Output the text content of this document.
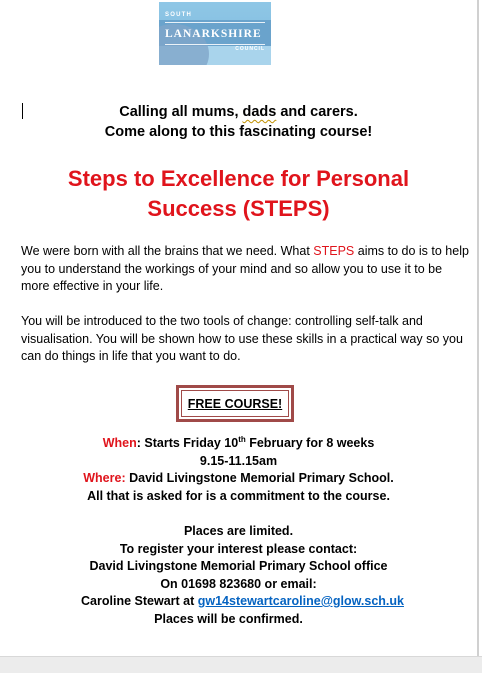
SOUTH
LANARKSHIRE
COUNCIL
Calling all mums, dads and carers.
Come along to this fascinating course!
Steps to Excellence for Personal
Success (STEPS)
We were born with all the brains that we need. What STEPS aims to do is to help you to understand the workings of your mind and so allow you to use it to be more effective in your life.
You will be introduced to the two tools of change: controlling self-talk and visualisation. You will be shown how to use these skills in a practical way so you can do things in life that you want to do.
FREE COURSE!
When: Starts Friday 10th February for 8 weeks
9.15-11.15am
Where: David Livingstone Memorial Primary School.
All that is asked for is a commitment to the course.
Places are limited.
To register your interest please contact:
David Livingstone Memorial Primary School office
On 01698 823680 or email:
Caroline Stewart at gw14stewartcaroline@glow.sch.uk
Places will be confirmed.
